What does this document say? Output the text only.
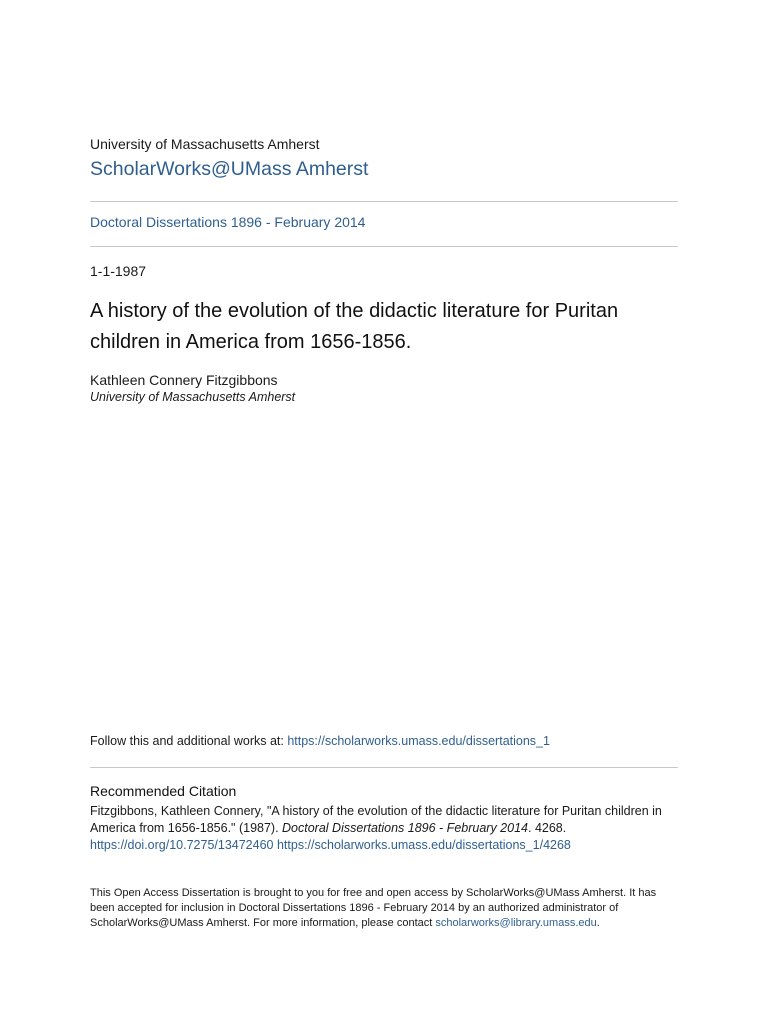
University of Massachusetts Amherst
ScholarWorks@UMass Amherst
Doctoral Dissertations 1896 - February 2014
1-1-1987
A history of the evolution of the didactic literature for Puritan children in America from 1656-1856.
Kathleen Connery Fitzgibbons
University of Massachusetts Amherst
Follow this and additional works at: https://scholarworks.umass.edu/dissertations_1
Recommended Citation
Fitzgibbons, Kathleen Connery, "A history of the evolution of the didactic literature for Puritan children in America from 1656-1856." (1987). Doctoral Dissertations 1896 - February 2014. 4268.
https://doi.org/10.7275/13472460 https://scholarworks.umass.edu/dissertations_1/4268
This Open Access Dissertation is brought to you for free and open access by ScholarWorks@UMass Amherst. It has been accepted for inclusion in Doctoral Dissertations 1896 - February 2014 by an authorized administrator of ScholarWorks@UMass Amherst. For more information, please contact scholarworks@library.umass.edu.
